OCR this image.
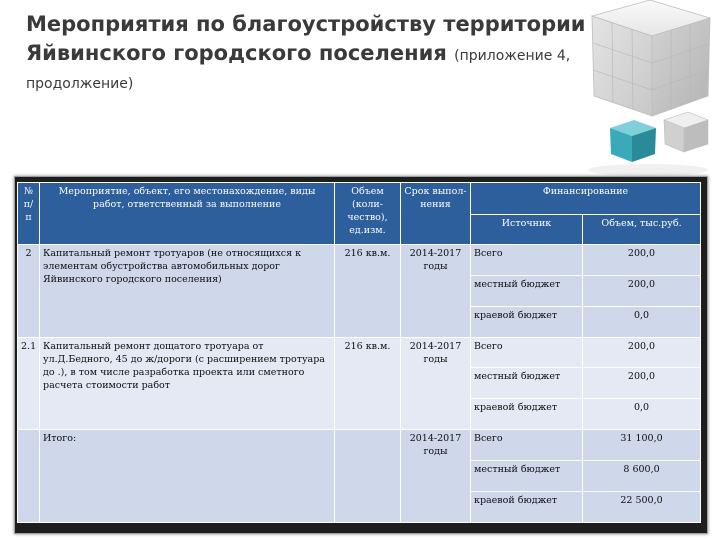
Мероприятия по благоустройству территории
Яйвинского городского поселения (приложение 4,
продолжение)
№ п/п	Мероприятие, объект, его местонахождение, виды работ, ответственный за выполнение	Объем (коли-чество), ед.изм.	Срок выпол-нения	Финансирование	
				Источник	Объем, тыс.руб.
2	Капитальный ремонт тротуаров (не относящихся к элементам обустройства автомобильных дорог Яйвинского городского поселения)	216 кв.м.	2014-2017 годы	Всего	200,0
				местный бюджет	200,0
				краевой бюджет	0,0
2.1	Капитальный ремонт дощатого тротуара от ул.Д.Бедного, 45 до ж/дороги (с расширением тротуара до .), в том числе разработка проекта или сметного расчета стоимости работ	216 кв.м.	2014-2017 годы	Всего	200,0
				местный бюджет	200,0
				краевой бюджет	0,0
	Итого:		2014-2017 годы	Всего	31 100,0
				местный бюджет	8 600,0
				краевой бюджет	22 500,0
